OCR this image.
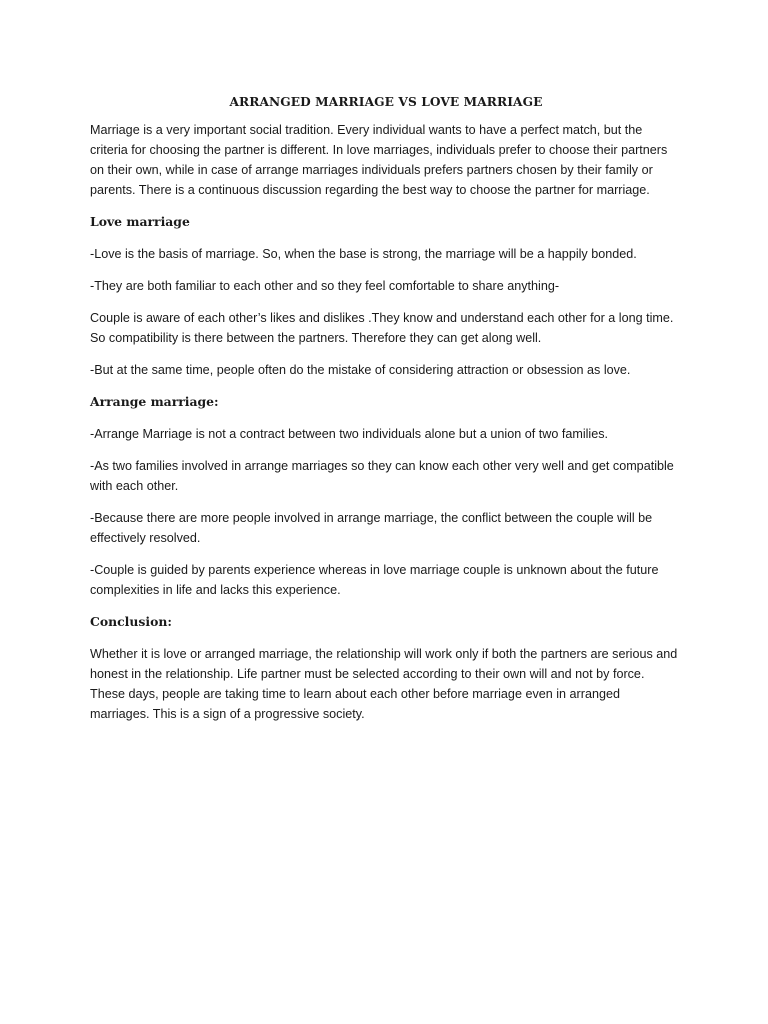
ARRANGED MARRIAGE VS LOVE MARRIAGE

Marriage is a very important social tradition. Every individual wants to have a perfect match, but the criteria for choosing the partner is different. In love marriages, individuals prefer to choose their partners on their own, while in case of arrange marriages individuals prefers partners chosen by their family or parents. There is a continuous discussion regarding the best way to choose the partner for marriage.

Love marriage

-Love is the basis of marriage. So, when the base is strong, the marriage will be a happily bonded.

-They are both familiar to each other and so they feel comfortable to share anything-

Couple is aware of each other’s likes and dislikes .They know and understand each other for a long time. So compatibility is there between the partners. Therefore they can get along well.

-But at the same time, people often do the mistake of considering attraction or obsession as love.

Arrange marriage:

-Arrange Marriage is not a contract between two individuals alone but a union of two families.

-As two families involved in arrange marriages so they can know each other very well and get compatible with each other.

-Because there are more people involved in arrange marriage, the conflict between the couple will be effectively resolved.

-Couple is guided by parents experience whereas in love marriage couple is unknown about the future complexities in life and lacks this experience.

Conclusion:

Whether it is love or arranged marriage, the relationship will work only if both the partners are serious and honest in the relationship. Life partner must be selected according to their own will and not by force. These days, people are taking time to learn about each other before marriage even in arranged marriages. This is a sign of a progressive society.
